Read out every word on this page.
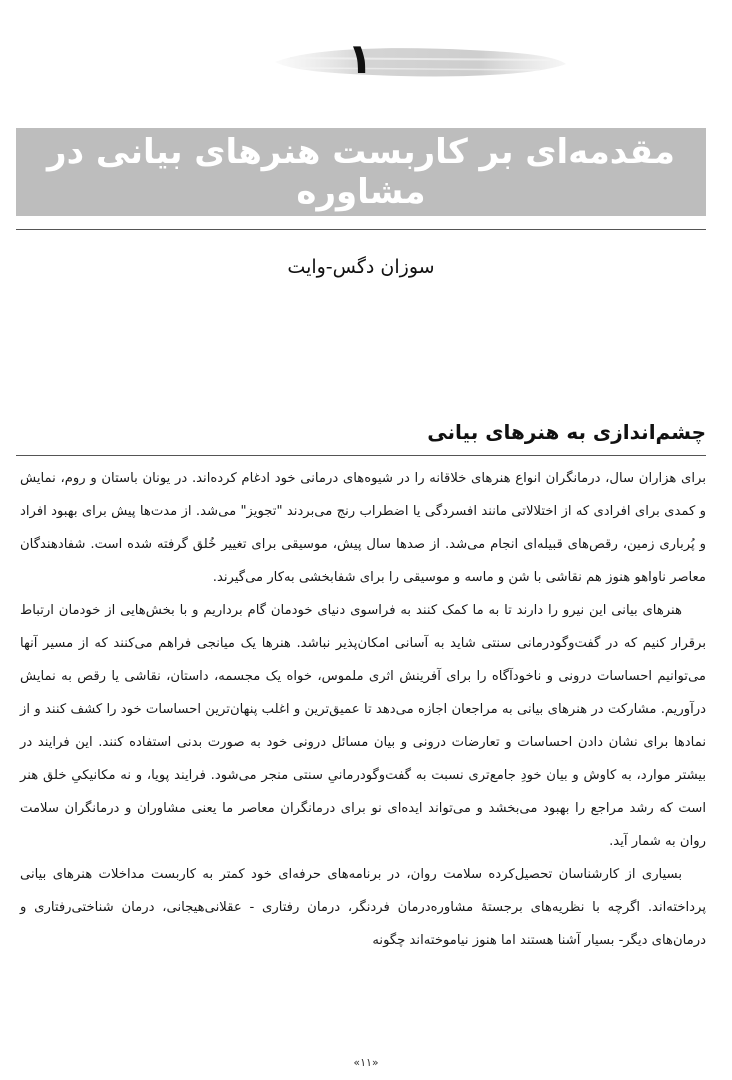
۱
مقدمه‌ای بر کاربست هنرهای بیانی در مشاوره
سوزان دگس-وایت
چشم‌اندازی به هنرهای بیانی

برای هزاران سال، درمانگران انواع هنرهای خلاقانه را در شیوه‌های درمانی خود ادغام کرده‌اند. در یونان باستان و روم، نمایش و کمدی برای افرادی که از اختلالاتی مانند افسردگی یا اضطراب رنج می‌بردند "تجویز" می‌شد. از مدت‌ها پیش برای بهبود افراد و پُرباری زمین، رقص‌های قبیله‌ای انجام می‌شد. از صدها سال پیش، موسیقی برای تغییر خُلق گرفته شده است. شفادهندگان معاصر ناواهو هنوز هم نقاشی با شن و ماسه و موسیقی را برای شفابخشی به‌کار می‌گیرند.

هنرهای بیانی این نیرو را دارند تا به ما کمک کنند به فراسوی دنیای خودمان گام برداریم و با بخش‌هایی از خودمان ارتباط برقرار کنیم که در گفت‌وگودرمانی سنتی شاید به آسانی امکان‌پذیر نباشد. هنرها یک میانجی فراهم می‌کنند که از مسیر آنها می‌توانیم احساسات درونی و ناخودآگاه را برای آفرینش اثری ملموس، خواه یک مجسمه، داستان، نقاشی یا رقص به نمایش درآوریم. مشارکت در هنرهای بیانی به مراجعان اجازه می‌دهد تا عمیق‌ترین و اغلب پنهان‌ترین احساسات خود را کشف کنند و از نمادها برای نشان دادن احساسات و تعارضات درونی و بیان مسائل درونی خود به صورت بدنی استفاده کنند. این فرایند در بیشتر موارد، به کاوش و بیان خودِ جامع‌تری نسبت به گفت‌وگودرمانیِ سنتی منجر می‌شود. فرایند پویا، و نه مکانیکیِ خلق هنر است که رشد مراجع را بهبود می‌بخشد و می‌تواند ایده‌ای نو برای درمانگران معاصر ما یعنی مشاوران و درمانگران سلامت روان به شمار آید.

بسیاری از کارشناسان تحصیل‌کرده سلامت روان، در برنامه‌های حرفه‌ای خود کمتر به کاربست مداخلات هنرهای بیانی پرداخته‌اند. اگرچه با نظریه‌های برجستهٔ مشاوره‌درمان فردنگر، درمان رفتاری - عقلانی‌هیجانی، درمان شناختی‌رفتاری و درمان‌های دیگر- بسیار آشنا هستند اما هنوز نیاموخته‌اند چگونه

«۱۱»
